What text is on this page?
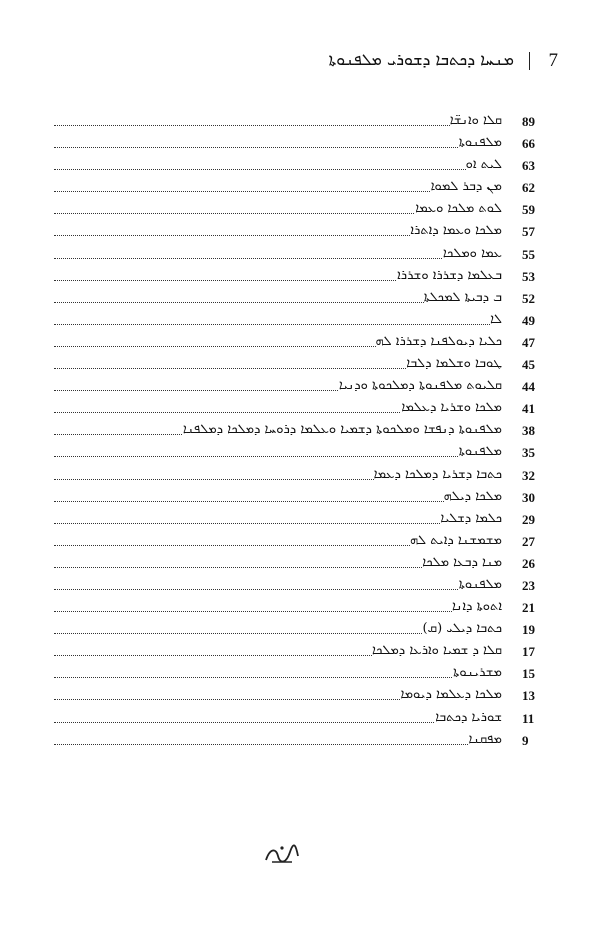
ܡܢܚܐ ܕܟܬܒܐ ܕܫܘܪܝ ܡܠܦܢܘܬܐ 7
ܩܠܐ ܘܐܢܫ̈ܐ 89
ܡܠܦܢܘܬܐ 66
ܠܝܬ ܐܘ 63
ܡܢ ܕܒܪ ܠܡܘܐ 62
ܠܘܬ ܡܠܟܐ ܘܥܡܐ 59
ܡܠܟܐ ܘܥܡܐ ܕܐܬܪܐ 57
ܥܡܐ ܘܡܠܟܐ 55
ܒܥܠܡܐ ܕܫܪܪܐ ܘܫܪܪܐ 53
ܒ ܕܒܝܬܐ ܠܡܟܠܬܐ 52
ܠܐ 49
ܟܠܝܐ ܕܝܘܠܦܢܐ ܕܫܪܪܐ ܠܗ 47
ܛܘܒܐ ܘܫܠܡܐ ܕܠܒܐ 45
ܩܠܝܘܬ ܡܠܦܢܘܬܐ ܕܡܠܟܘܬܐ ܘܕܢܝܐ 44
ܡܠܟܐ ܘܫܪܝܐ ܕܥܠܡܐ 41
ܡܠܦܢܘܬܐ ܕܢܦܫܐ ܘܡܠܟܘܬܐ ܕܫܡܝܐ ܘܥܠܡܐ ܕܪܘܚܐ ܕܡܠܟܐ ܕܡܠܦܢܐ 38
ܡܠܦܢܘܬܐ 35
ܟܬܒܐ ܕܫܪܝܐ ܕܡܠܟܐ ܕܥܡܐ 32
ܡܠܟܐ ܕܝܠܗ 30
ܟܠܡܐ ܕܫܠܝܐ 29
ܡܫܡܫܢܐ ܕܐܝܬ ܠܗ 27
ܡܢܐ ܕܒܥܐ ܡܠܟܐ 26
ܡܠܦܢܘܬܐ 23
ܐܬܘܬܐ ܕܐܢܐ 21
ܟܬܒܐ ܕܝܠܝ (ܩ) 19
ܩܠܐ ܕ ܫܡܝܐ ܘܐܪܥܐ ܕܡܠܟܐ 17
ܡܫܪܝܢܘܬܐ 15
ܡܠܟܐ ܕܥܠܡܐ ܕܝܘܡܐ 13
ܫܘܪܝܐ ܕܟܬܒܐ 11
ܡܦܩܢܐ 9
